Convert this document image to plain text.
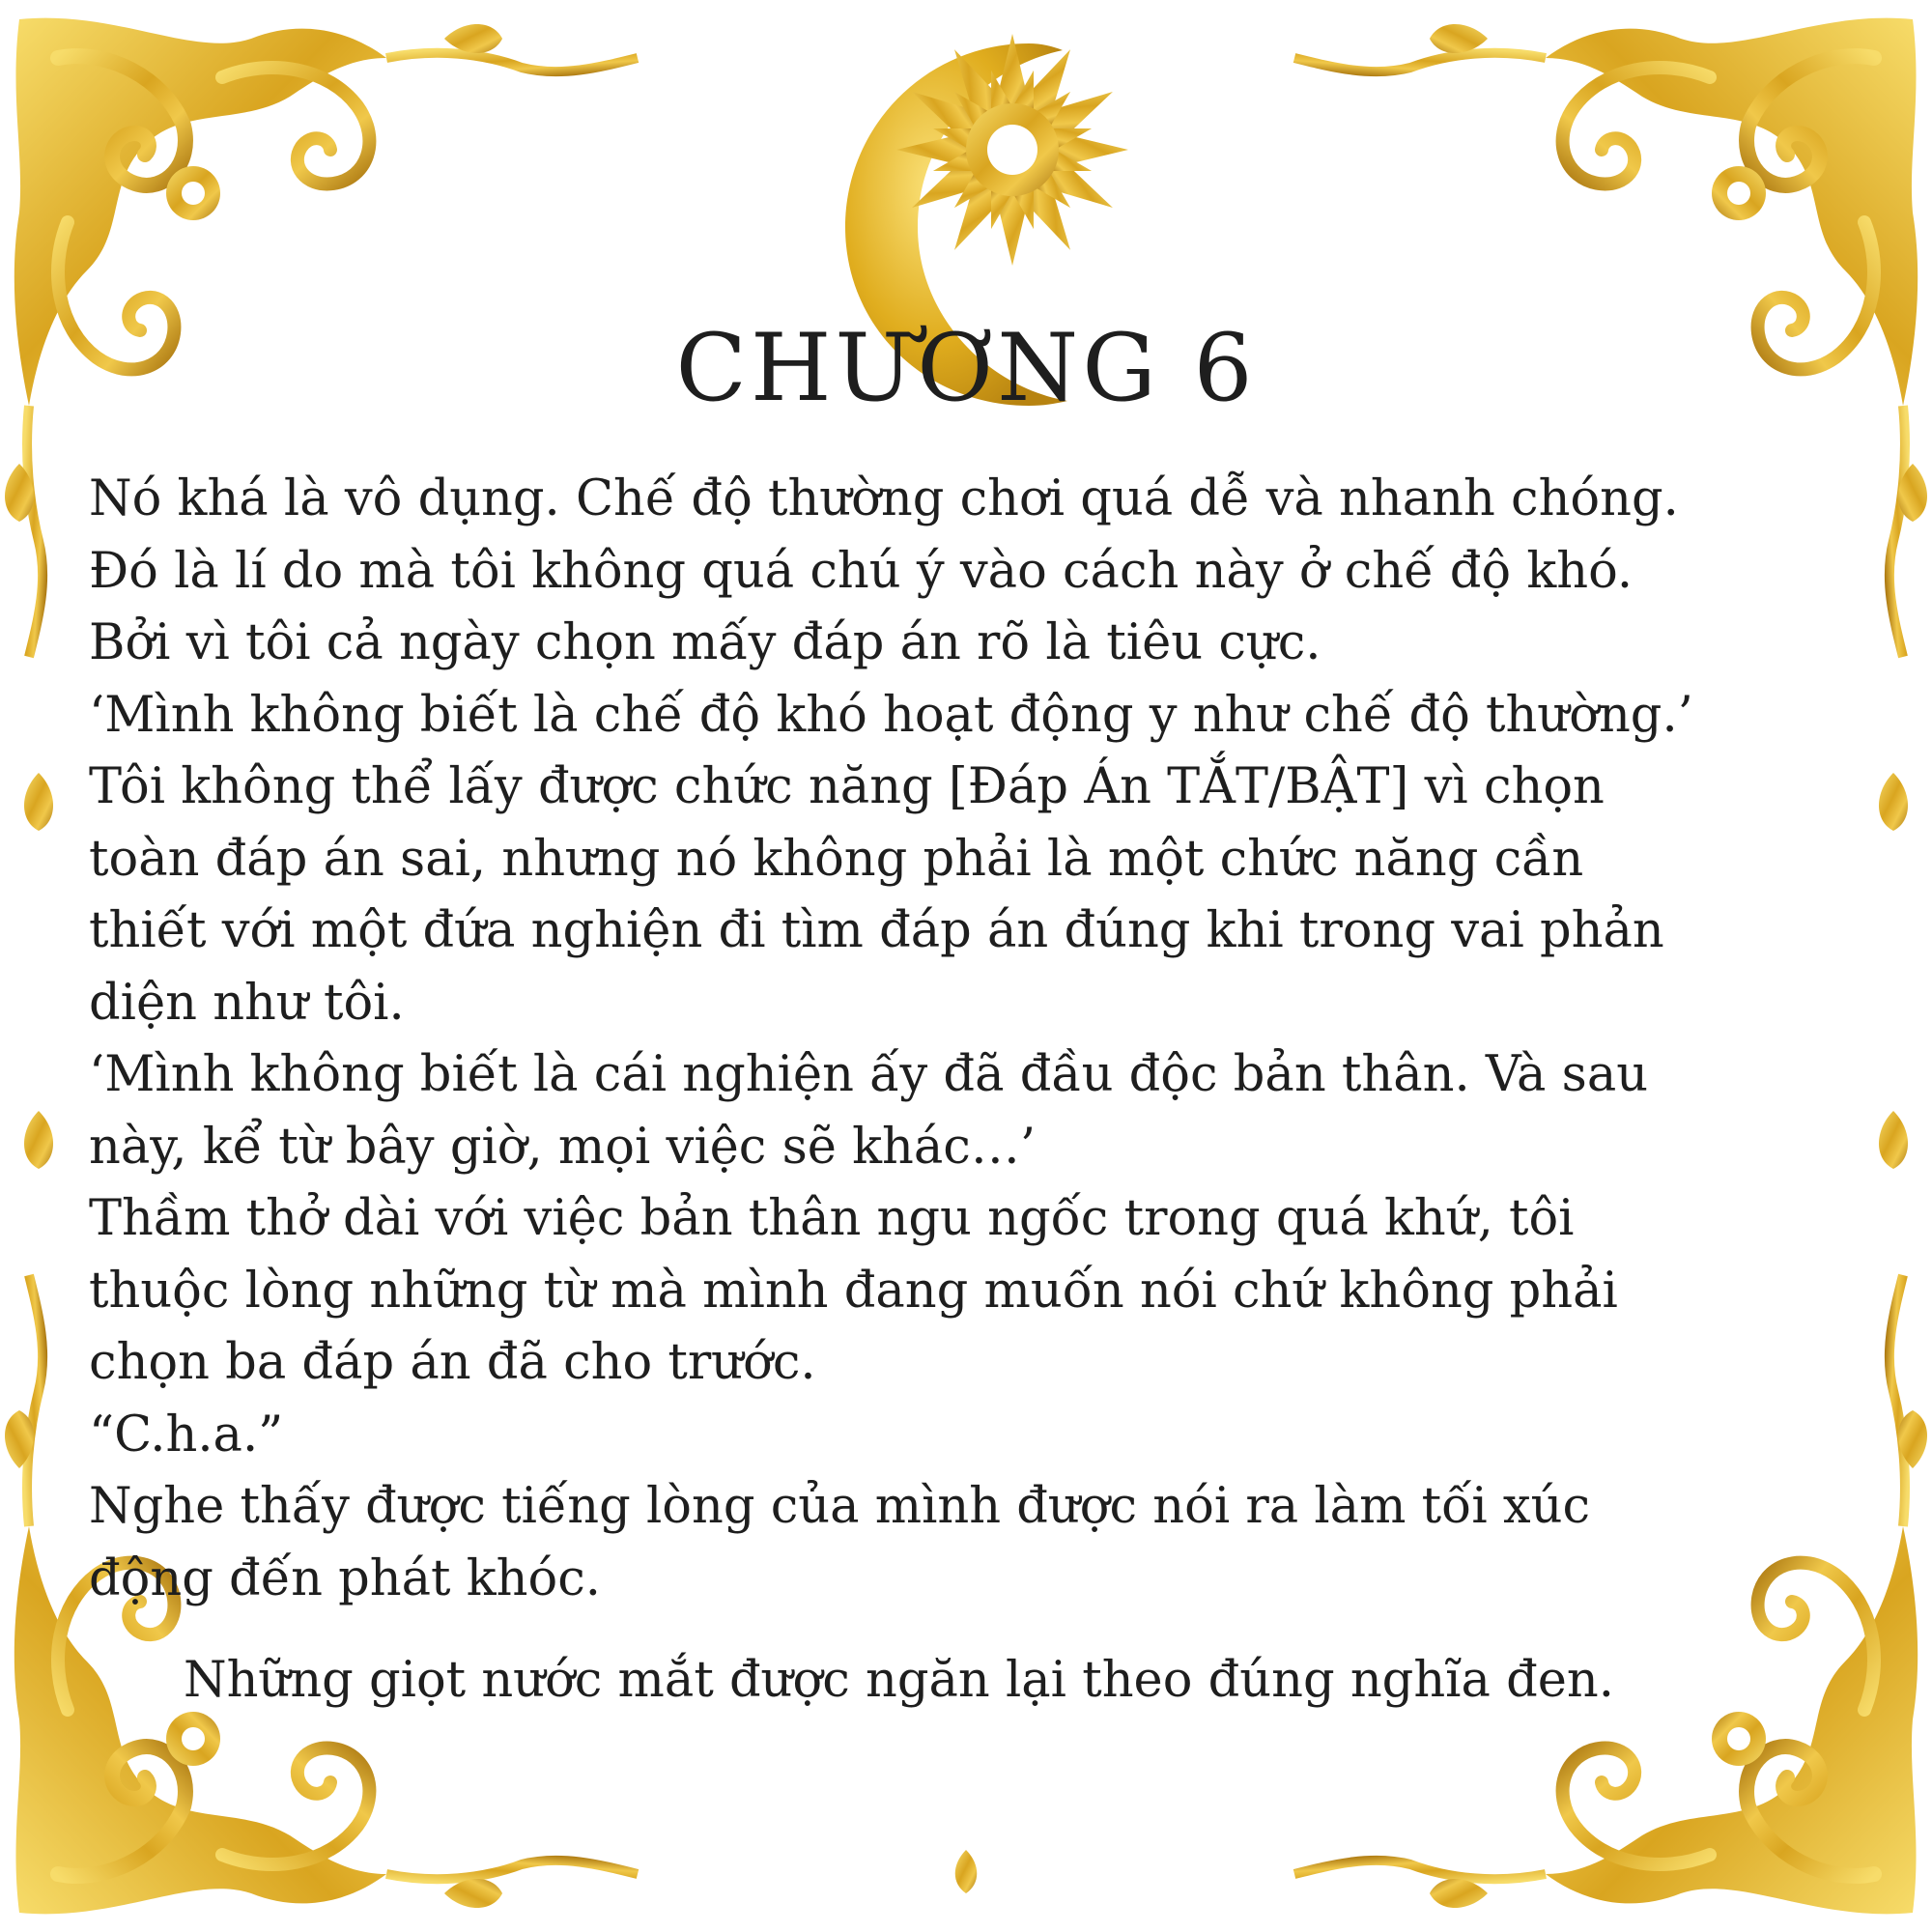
CHƯƠNG 6

Nó khá là vô dụng. Chế độ thường chơi quá dễ và nhanh chóng.

Đó là lí do mà tôi không quá chú ý vào cách này ở chế độ khó.

Bởi vì tôi cả ngày chọn mấy đáp án rõ là tiêu cực.

‘Mình không biết là chế độ khó hoạt động y như chế độ thường.’

Tôi không thể lấy được chức năng [Đáp Án TẮT/BẬT] vì chọn

toàn đáp án sai, nhưng nó không phải là một chức năng cần

thiết với một đứa nghiện đi tìm đáp án đúng khi trong vai phản

diện như tôi.

‘Mình không biết là cái nghiện ấy đã đầu độc bản thân. Và sau

này, kể từ bây giờ, mọi việc sẽ khác…’

Thầm thở dài với việc bản thân ngu ngốc trong quá khứ, tôi

thuộc lòng những từ mà mình đang muốn nói chứ không phải

chọn ba đáp án đã cho trước.

“C.h.a.”

Nghe thấy được tiếng lòng của mình được nói ra làm tối xúc

động đến phát khóc.

Những giọt nước mắt được ngăn lại theo đúng nghĩa đen.
